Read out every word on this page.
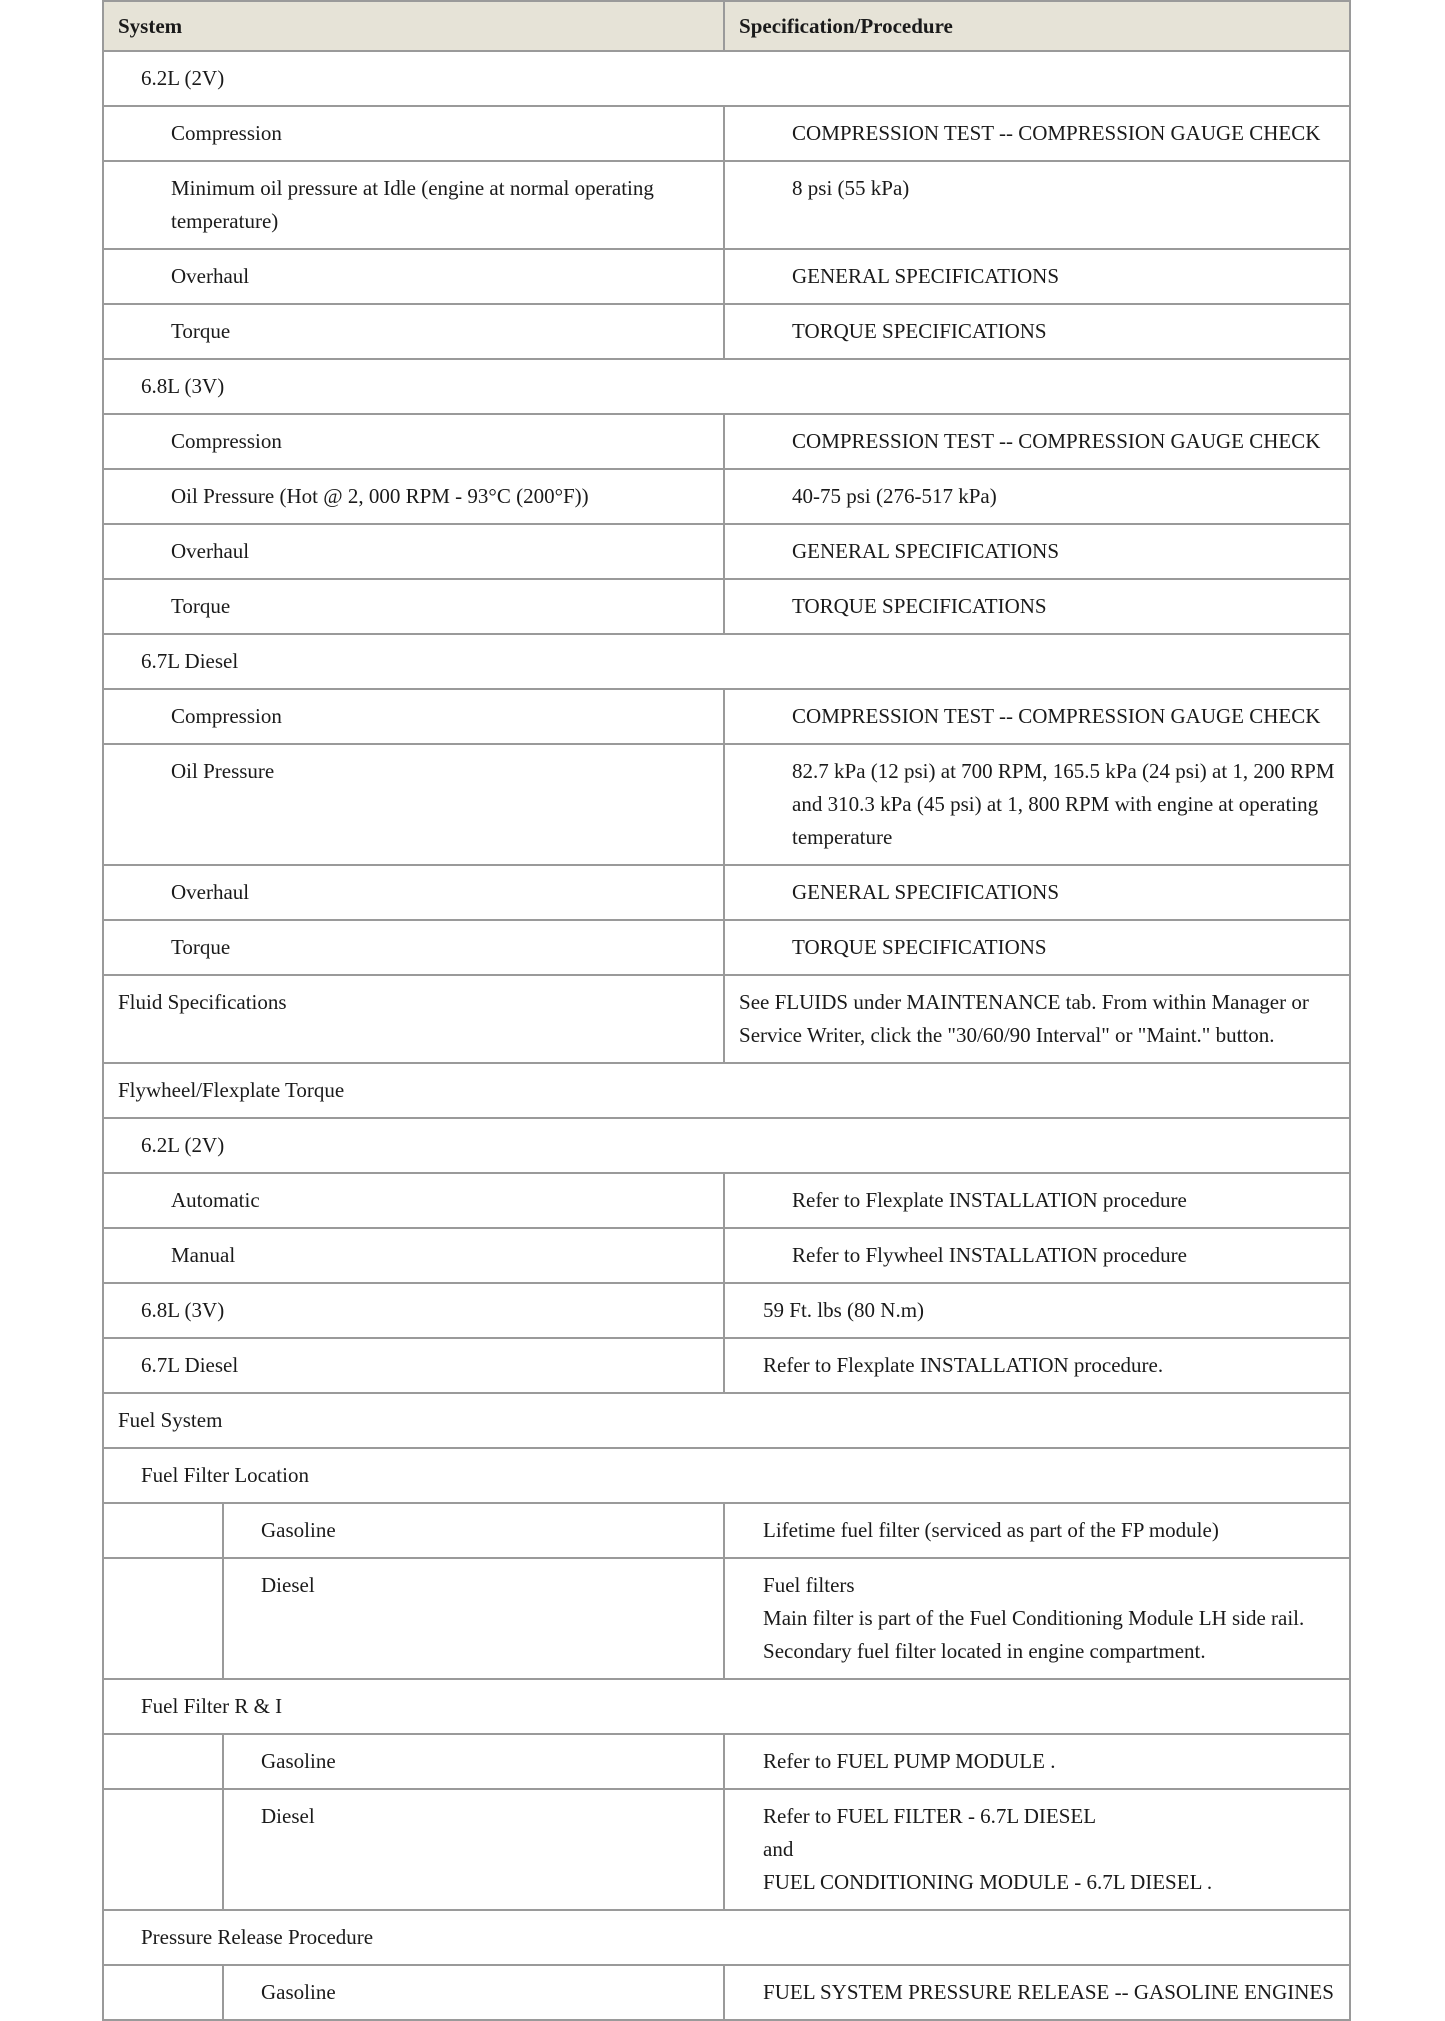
System		Specification/Procedure

6.2L (2V)		

Compression		COMPRESSION TEST -- COMPRESSION GAUGE CHECK

Minimum oil pressure at Idle (engine at normal operating temperature)		8 psi (55 kPa)

Overhaul		GENERAL SPECIFICATIONS

Torque		TORQUE SPECIFICATIONS

6.8L (3V)		

Compression		COMPRESSION TEST -- COMPRESSION GAUGE CHECK

Oil Pressure (Hot @ 2, 000 RPM - 93°C (200°F))		40-75 psi (276-517 kPa)

Overhaul		GENERAL SPECIFICATIONS

Torque		TORQUE SPECIFICATIONS

6.7L Diesel		

Compression		COMPRESSION TEST -- COMPRESSION GAUGE CHECK

Oil Pressure		82.7 kPa (12 psi) at 700 RPM, 165.5 kPa (24 psi) at 1, 200 RPM and 310.3 kPa (45 psi) at 1, 800 RPM with engine at operating temperature

Overhaul		GENERAL SPECIFICATIONS

Torque		TORQUE SPECIFICATIONS

Fluid Specifications		See FLUIDS under MAINTENANCE tab. From within Manager or Service Writer, click the "30/60/90 Interval" or "Maint." button.

Flywheel/Flexplate Torque		

6.2L (2V)		

Automatic		Refer to Flexplate INSTALLATION procedure

Manual		Refer to Flywheel INSTALLATION procedure

6.8L (3V)		59 Ft. lbs (80 N.m)

6.7L Diesel		Refer to Flexplate INSTALLATION procedure.

Fuel System		

Fuel Filter Location		

	Gasoline	Lifetime fuel filter (serviced as part of the FP module)

	Diesel	Fuel filters
Main filter is part of the Fuel Conditioning Module LH side rail.
Secondary fuel filter located in engine compartment.

Fuel Filter R & I		

	Gasoline	Refer to FUEL PUMP MODULE .

	Diesel	Refer to FUEL FILTER - 6.7L DIESEL
and
FUEL CONDITIONING MODULE - 6.7L DIESEL .

Pressure Release Procedure		

	Gasoline	FUEL SYSTEM PRESSURE RELEASE -- GASOLINE ENGINES
